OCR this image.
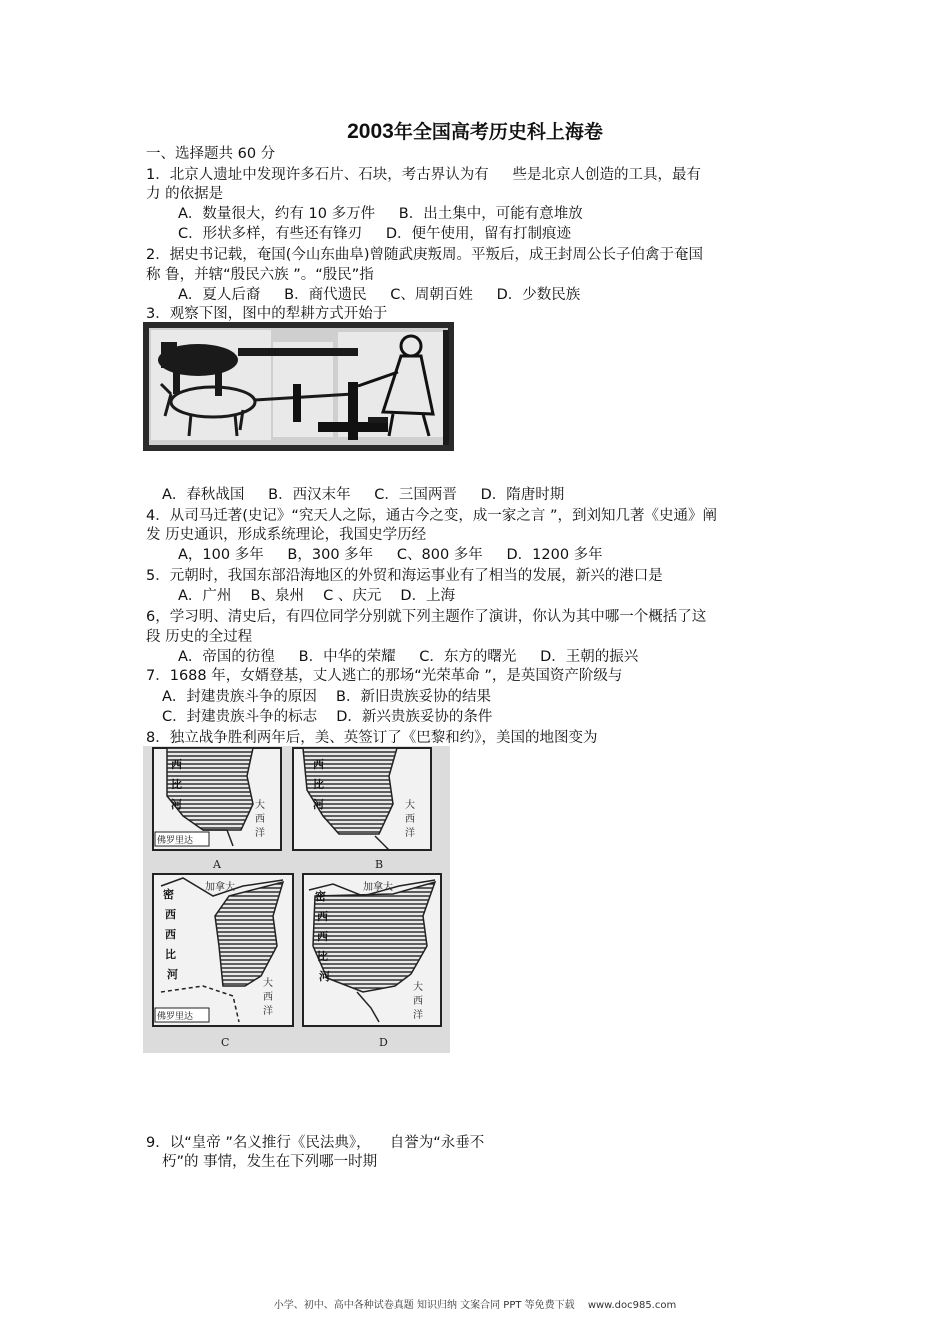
2003年全国高考历史科上海卷
一、选择题共 60 分
1．北京人遗址中发现许多石片、石块，考古界认为有 　 些是北京人创造的工具，最有
力 的依据是
A．数量很大，约有 10 多万件 　 B．出土集中，可能有意堆放
C．形状多样，有些还有锋刃 　 D．便午使用，留有打制痕迹
2．据史书记载，奄国(今山东曲阜)曾随武庚叛周。平叛后，成王封周公长子伯禽于奄国
称 鲁，并辖“殷民六族 ”。“殷民”指
A．夏人后裔 　 B．商代遗民 　 C、周朝百姓 　 D．少数民族
3．观察下图，图中的犁耕方式开始于
A．春秋战国 　 B．西汉末年 　 C．三国两晋 　 D．隋唐时期
4．从司马迁著(史记》“究天人之际，通古今之变，成一家之言 ”，到刘知几著《史通》阐
发 历史通识，形成系统理论，我国史学历经
A，100 多年 　 B，300 多年 　 C、800 多年 　 D．1200 多年
5．元朝时，我国东部沿海地区的外贸和海运事业有了相当的发展，新兴的港口是
A．广州 　B、泉州 　C 、庆元 　D．上海
6，学习明、清史后，有四位同学分别就下列主题作了演讲，你认为其中哪一个概括了这
段 历史的全过程
A．帝国的彷徨 　 B．中华的荣耀 　 C．东方的曙光 　 D．王朝的振兴
7．1688 年，女婿登基，丈人逃亡的那场“光荣革命 ”，是英国资产阶级与
A．封建贵族斗争的原因 　B．新旧贵族妥协的结果
C．封建贵族斗争的标志 　D．新兴贵族妥协的条件
8．独立战争胜利两年后，美、英签订了《巴黎和约》，美国的地图变为
西
比
河
西
比
河
密
西
西
比
河
密
西
西
比
河
大
西
洋
大
西
洋
大
西
洋
大
西
洋
加拿大	加拿大
佛罗里达
佛罗里达
A	B
C	D
9．以“皇帝 ”名义推行《民法典》， 　自誉为“永垂不
朽”的 事情，发生在下列哪一时期
小学、初中、高中各种试卷真题 知识归纳 文案合同 PPT 等免费下载 　www.doc985.com
